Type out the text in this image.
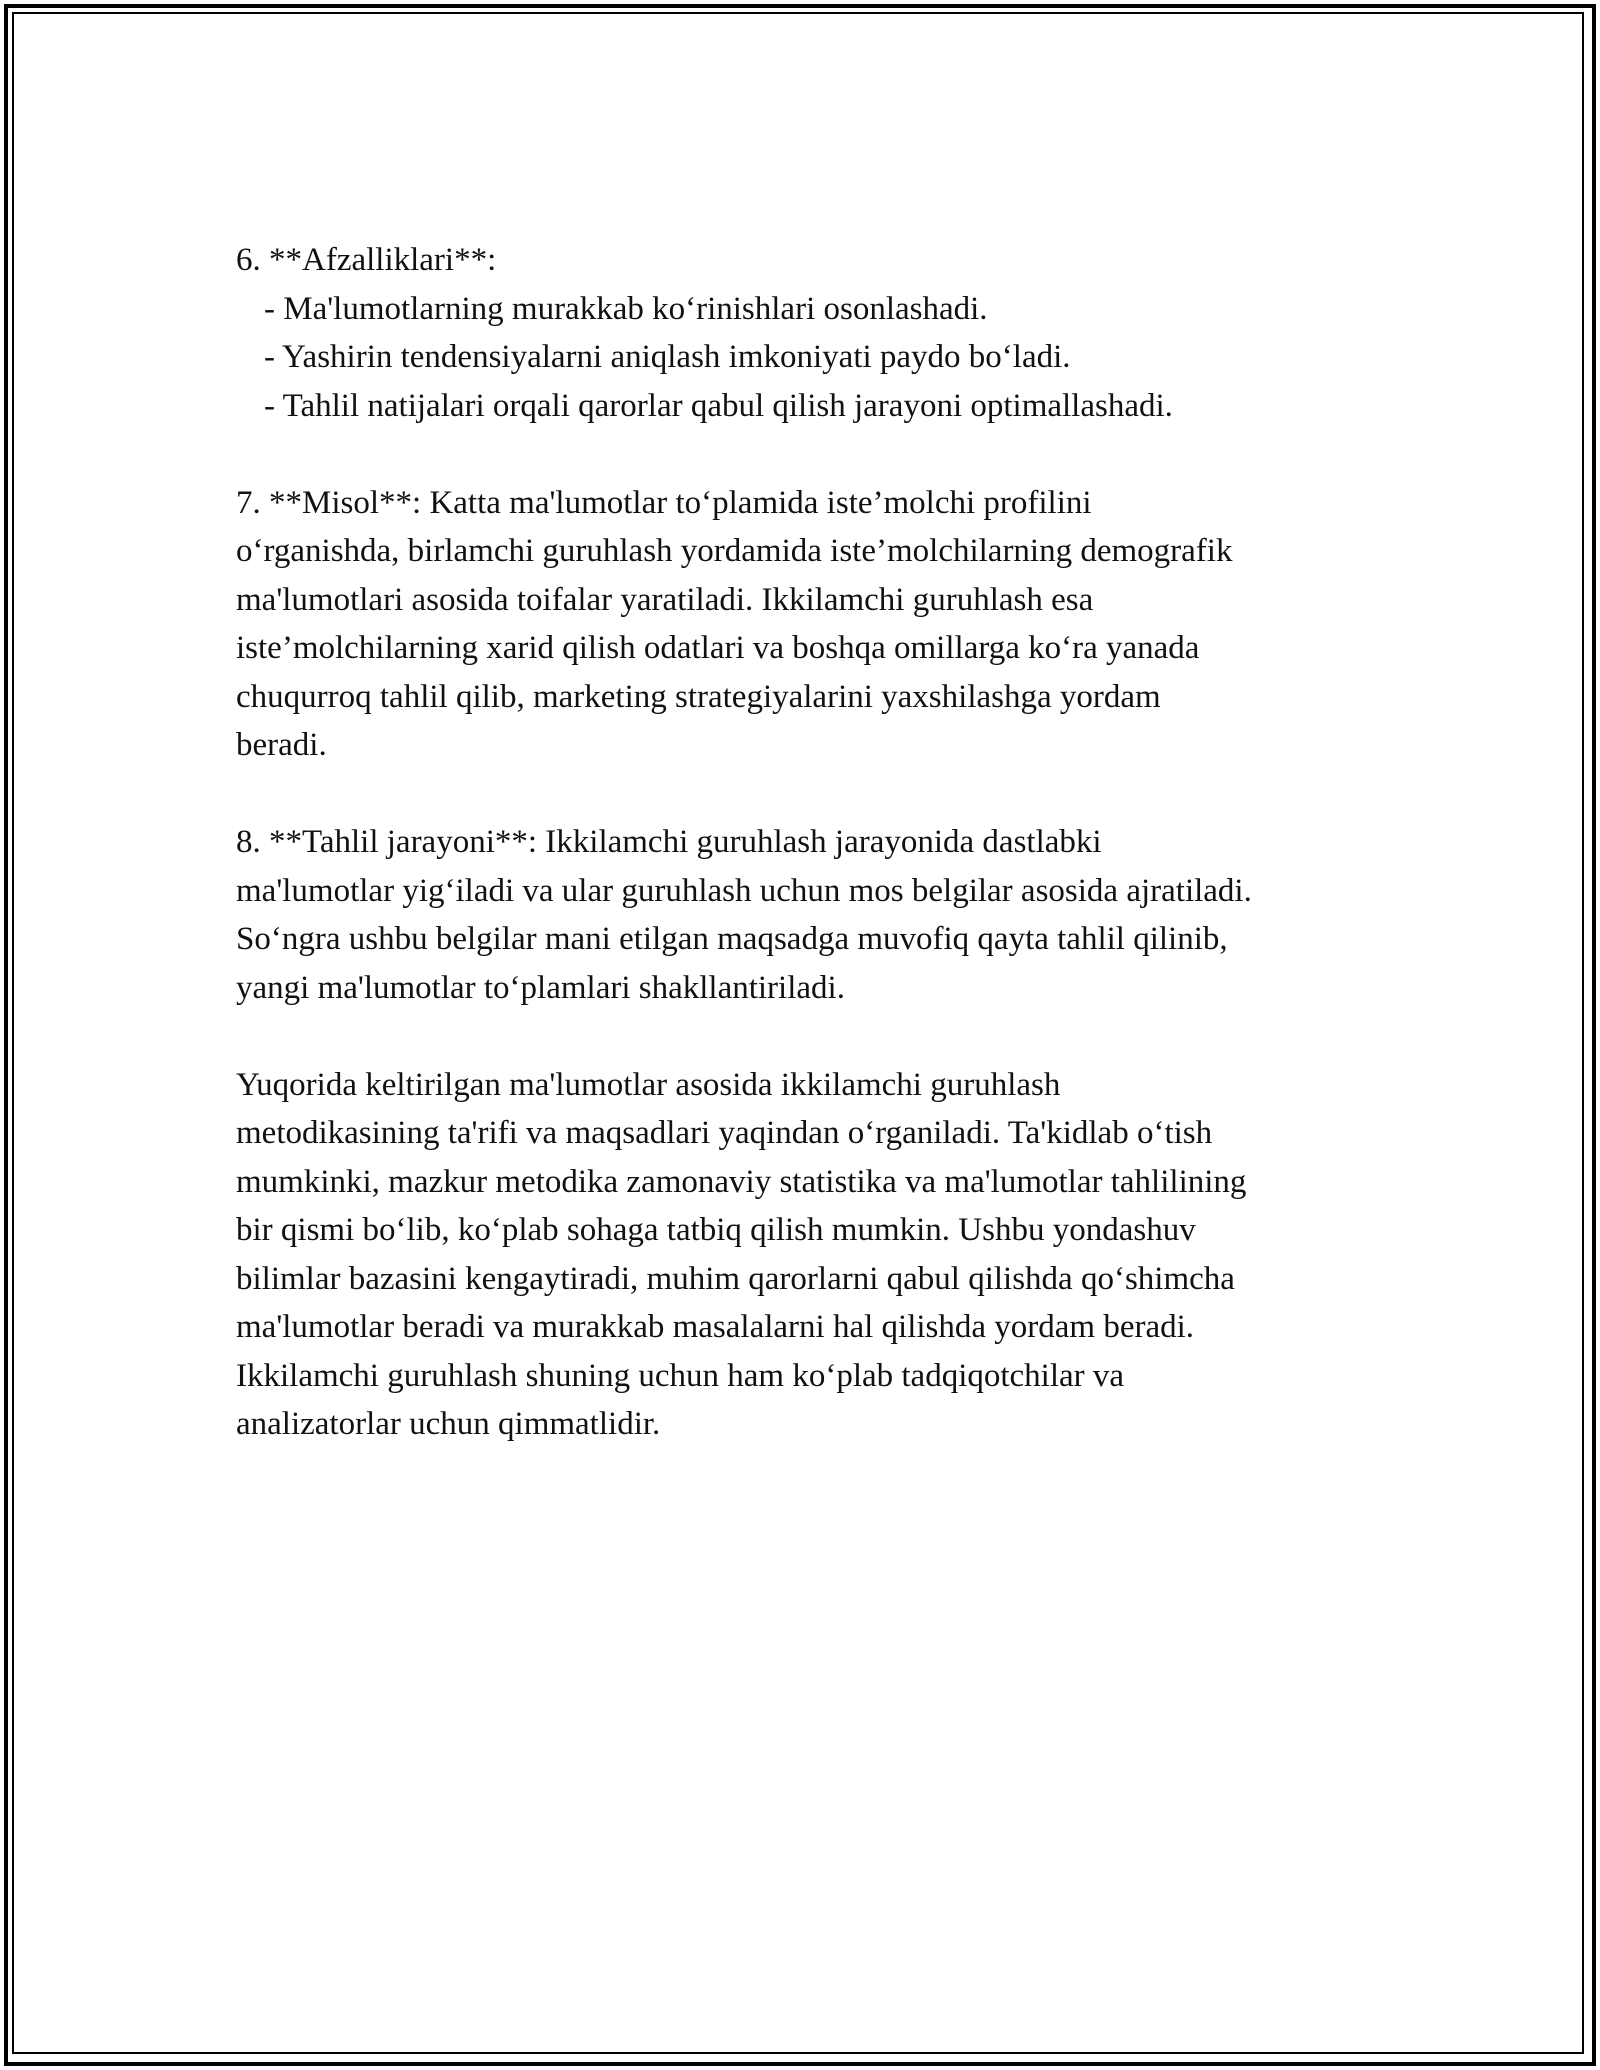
6. **Afzalliklari**:
- Ma'lumotlarning murakkab ko‘rinishlari osonlashadi.
- Yashirin tendensiyalarni aniqlash imkoniyati paydo bo‘ladi.
- Tahlil natijalari orqali qarorlar qabul qilish jarayoni optimallashadi.
7. **Misol**: Katta ma'lumotlar to‘plamida iste’molchi profilini
o‘rganishda, birlamchi guruhlash yordamida iste’molchilarning demografik
ma'lumotlari asosida toifalar yaratiladi. Ikkilamchi guruhlash esa
iste’molchilarning xarid qilish odatlari va boshqa omillarga ko‘ra yanada
chuqurroq tahlil qilib, marketing strategiyalarini yaxshilashga yordam
beradi.
8. **Tahlil jarayoni**: Ikkilamchi guruhlash jarayonida dastlabki
ma'lumotlar yig‘iladi va ular guruhlash uchun mos belgilar asosida ajratiladi.
So‘ngra ushbu belgilar mani etilgan maqsadga muvofiq qayta tahlil qilinib,
yangi ma'lumotlar to‘plamlari shakllantiriladi.
Yuqorida keltirilgan ma'lumotlar asosida ikkilamchi guruhlash
metodikasining ta'rifi va maqsadlari yaqindan o‘rganiladi. Ta'kidlab o‘tish
mumkinki, mazkur metodika zamonaviy statistika va ma'lumotlar tahlilining
bir qismi bo‘lib, ko‘plab sohaga tatbiq qilish mumkin. Ushbu yondashuv
bilimlar bazasini kengaytiradi, muhim qarorlarni qabul qilishda qo‘shimcha
ma'lumotlar beradi va murakkab masalalarni hal qilishda yordam beradi.
Ikkilamchi guruhlash shuning uchun ham ko‘plab tadqiqotchilar va
analizatorlar uchun qimmatlidir.
